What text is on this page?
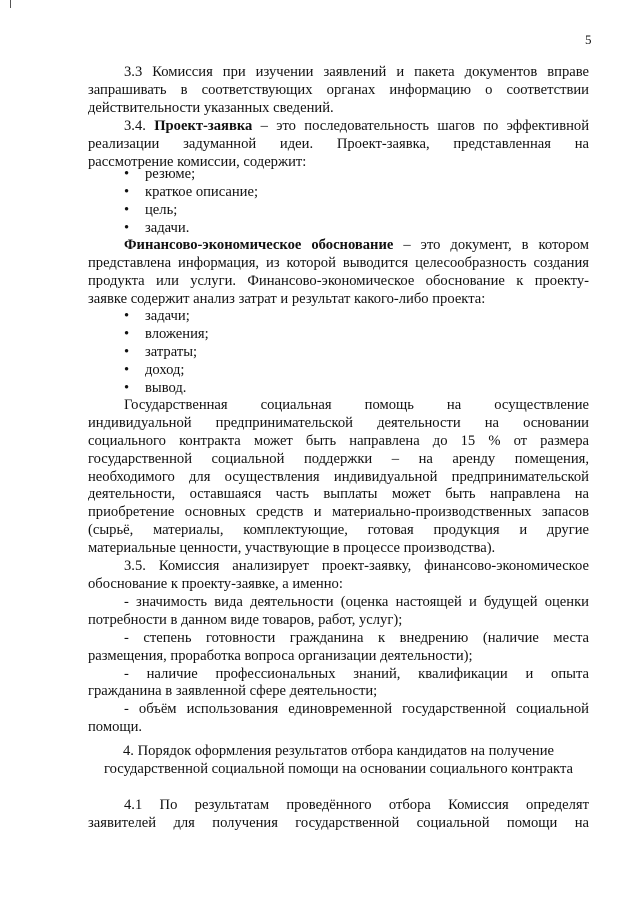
5
3.3 Комиссия при изучении заявлений и пакета документов вправе
запрашивать в соответствующих органах информацию о соответствии
действительности указанных сведений.
3.4. Проект-заявка – это последовательность шагов по эффективной
реализации задуманной идеи. Проект-заявка, представленная на
рассмотрение комиссии, содержит:
• резюме;
• краткое описание;
• цель;
• задачи.
Финансово-экономическое обоснование – это документ, в котором
представлена информация, из которой выводится целесообразность создания
продукта или услуги. Финансово-экономическое обоснование к проекту-
заявке содержит анализ затрат и результат какого-либо проекта:
• задачи;
• вложения;
• затраты;
• доход;
• вывод.
Государственная социальная помощь на осуществление
индивидуальной предпринимательской деятельности на основании
социального контракта может быть направлена до 15 % от размера
государственной социальной поддержки – на аренду помещения,
необходимого для осуществления индивидуальной предпринимательской
деятельности, оставшаяся часть выплаты может быть направлена на
приобретение основных средств и материально-производственных запасов
(сырьё, материалы, комплектующие, готовая продукция и другие
материальные ценности, участвующие в процессе производства).
3.5. Комиссия анализирует проект-заявку, финансово-экономическое
обоснование к проекту-заявке, а именно:
- значимость вида деятельности (оценка настоящей и будущей оценки
потребности в данном виде товаров, работ, услуг);
- степень готовности гражданина к внедрению (наличие места
размещения, проработка вопроса организации деятельности);
- наличие профессиональных знаний, квалификации и опыта
гражданина в заявленной сфере деятельности;
- объём использования единовременной государственной социальной
помощи.
4. Порядок оформления результатов отбора кандидатов на получение
государственной социальной помощи на основании социального контракта
4.1 По результатам проведённого отбора Комиссия определят
заявителей для получения государственной социальной помощи на
